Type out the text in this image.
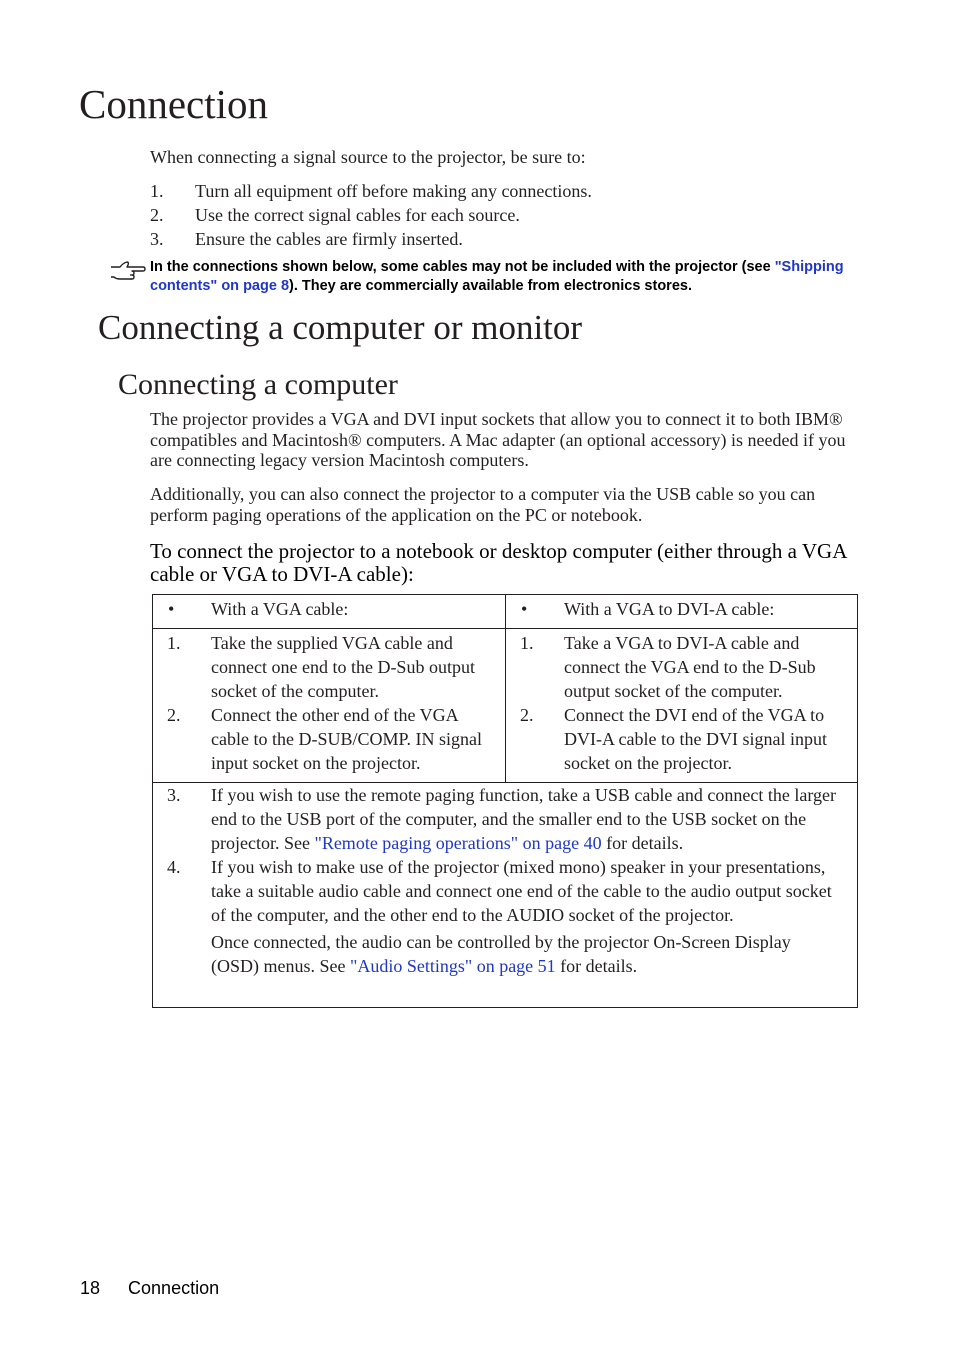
Connection

When connecting a signal source to the projector, be sure to:

1. Turn all equipment off before making any connections.
2. Use the correct signal cables for each source.
3. Ensure the cables are firmly inserted.

In the connections shown below, some cables may not be included with the projector (see "Shipping contents" on page 8). They are commercially available from electronics stores.

Connecting a computer or monitor
Connecting a computer

The projector provides a VGA and DVI input sockets that allow you to connect it to both IBM® compatibles and Macintosh® computers. A Mac adapter (an optional accessory) is needed if you are connecting legacy version Macintosh computers.

Additionally, you can also connect the projector to a computer via the USB cable so you can perform paging operations of the application on the PC or notebook.

To connect the projector to a notebook or desktop computer (either through a VGA cable or VGA to DVI-A cable):
• With a VGA cable:	• With a VGA to DVI-A cable:
1. Take the supplied VGA cable and connect one end to the D-Sub output socket of the computer.
2. Connect the other end of the VGA cable to the D-SUB/COMP. IN signal input socket on the projector.
1. Take a VGA to DVI-A cable and connect the VGA end to the D-Sub output socket of the computer.
2. Connect the DVI end of the VGA to DVI-A cable to the DVI signal input socket on the projector.
3. If you wish to use the remote paging function, take a USB cable and connect the larger end to the USB port of the computer, and the smaller end to the USB socket on the projector. See "Remote paging operations" on page 40 for details.
4. If you wish to make use of the projector (mixed mono) speaker in your presentations, take a suitable audio cable and connect one end of the cable to the audio output socket of the computer, and the other end to the AUDIO socket of the projector.
Once connected, the audio can be controlled by the projector On-Screen Display (OSD) menus. See "Audio Settings" on page 51 for details.
18 Connection
